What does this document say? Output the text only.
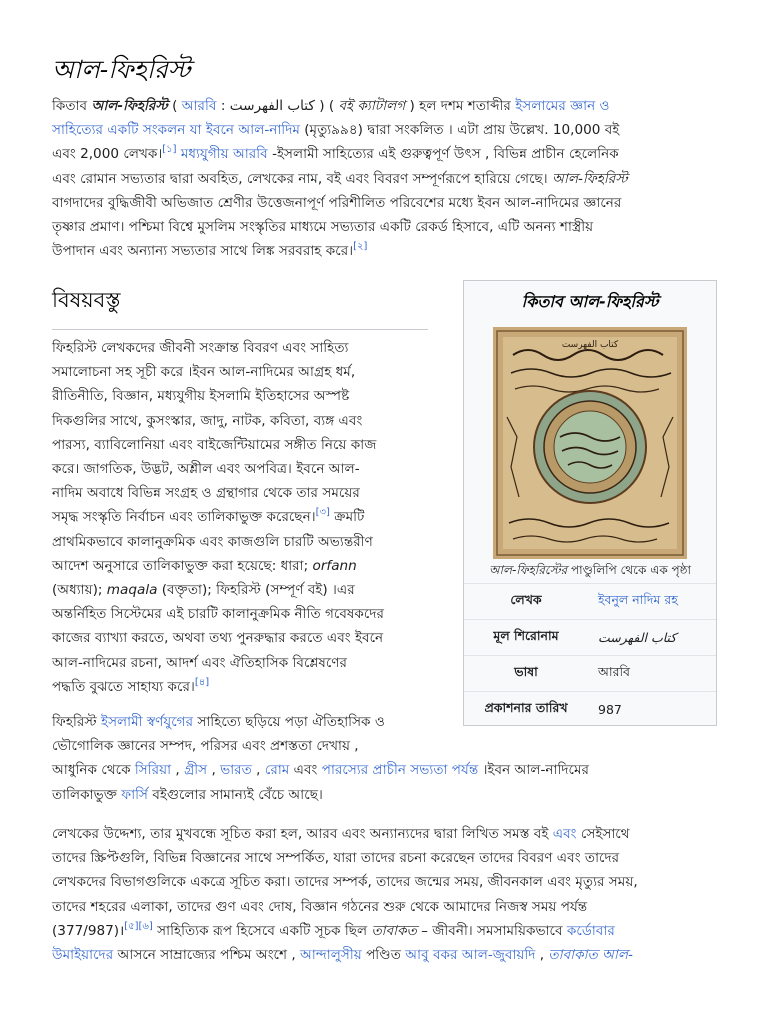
আল-ফিহরিস্ট
কিতাব আল-ফিহরিস্ট ( আরবি : كتاب الفهرست ) ( বই ক্যাটালগ ) হল দশম শতাব্দীর ইসলামের জ্ঞান ও
সাহিত্যের একটি সংকলন যা ইবনে আল-নাদিম (মৃত্যু৯৯৪) দ্বারা সংকলিত । এটা প্রায় উল্লেখ. 10,000 বই
এবং 2,000 লেখক।[১] মধ্যযুগীয় আরবি -ইসলামী সাহিত্যের এই গুরুত্বপূর্ণ উৎস , বিভিন্ন প্রাচীন হেলেনিক
এবং রোমান সভ্যতার দ্বারা অবহিত, লেখকের নাম, বই এবং বিবরণ সম্পূর্ণরূপে হারিয়ে গেছে। আল-ফিহরিস্ট
বাগদাদের বুদ্ধিজীবী অভিজাত শ্রেণীর উত্তেজনাপূর্ণ পরিশীলিত পরিবেশের মধ্যে ইবন আল-নাদিমের জ্ঞানের
তৃষ্ণার প্রমাণ। পশ্চিমা বিশ্বে মুসলিম সংস্কৃতির মাধ্যমে সভ্যতার একটি রেকর্ড হিসাবে, এটি অনন্য শাস্ত্রীয়
উপাদান এবং অন্যান্য সভ্যতার সাথে লিঙ্ক সরবরাহ করে।[২]
বিষয়বস্তু
ফিহরিস্ট লেখকদের জীবনী সংক্রান্ত বিবরণ এবং সাহিত্য
সমালোচনা সহ সূচী করে ।ইবন আল-নাদিমের আগ্রহ ধর্ম,
রীতিনীতি, বিজ্ঞান, মধ্যযুগীয় ইসলামি ইতিহাসের অস্পষ্ট
দিকগুলির সাথে, কুসংস্কার, জাদু, নাটক, কবিতা, ব্যঙ্গ এবং
পারস্য, ব্যাবিলোনিয়া এবং বাইজেন্টিয়ামের সঙ্গীত নিয়ে কাজ
করে। জাগতিক, উদ্ভট, অশ্লীল এবং অপবিত্র। ইবনে আল-
নাদিম অবাধে বিভিন্ন সংগ্রহ ও গ্রন্থাগার থেকে তার সময়ের
সমৃদ্ধ সংস্কৃতি নির্বাচন এবং তালিকাভুক্ত করেছেন।[৩] ক্রমটি
প্রাথমিকভাবে কালানুক্রমিক এবং কাজগুলি চারটি অভ্যন্তরীণ
আদেশ অনুসারে তালিকাভুক্ত করা হয়েছে: ধারা; orfann
(অধ্যায়); maqala (বক্তৃতা); ফিহরিস্ট (সম্পূর্ণ বই) ।এর
অন্তর্নিহিত সিস্টেমের এই চারটি কালানুক্রমিক নীতি গবেষকদের
কাজের ব্যাখ্যা করতে, অথবা তথ্য পুনরুদ্ধার করতে এবং ইবনে
আল-নাদিমের রচনা, আদর্শ এবং ঐতিহাসিক বিশ্লেষণের
পদ্ধতি বুঝতে সাহায্য করে।[৪]
ফিহরিস্ট ইসলামী স্বর্ণযুগের সাহিত্যে ছড়িয়ে পড়া ঐতিহাসিক ও
ভৌগোলিক জ্ঞানের সম্পদ, পরিসর এবং প্রশস্ততা দেখায় ,
আধুনিক থেকে সিরিয়া , গ্রীস , ভারত , রোম এবং পারস্যের প্রাচীন সভ্যতা পর্যন্ত ।ইবন আল-নাদিমের
তালিকাভুক্ত ফার্সি বইগুলোর সামান্যই বেঁচে আছে।
লেখকের উদ্দেশ্য, তার মুখবন্ধে সূচিত করা হল, আরব এবং অন্যান্যদের দ্বারা লিখিত সমস্ত বই এবং সেইসাথে
তাদের স্ক্রিপ্টগুলি, বিভিন্ন বিজ্ঞানের সাথে সম্পর্কিত, যারা তাদের রচনা করেছেন তাদের বিবরণ এবং তাদের
লেখকদের বিভাগগুলিকে একত্রে সূচিত করা। তাদের সম্পর্ক, তাদের জন্মের সময়, জীবনকাল এবং মৃত্যুর সময়,
তাদের শহরের এলাকা, তাদের গুণ এবং দোষ, বিজ্ঞান গঠনের শুরু থেকে আমাদের নিজস্ব সময় পর্যন্ত
(377/987)।[৫][৬] সাহিত্যিক রূপ হিসেবে একটি সূচক ছিল তাবাকত – জীবনী। সমসাময়িকভাবে কর্ডোবার
উমাইয়াদের আসনে সাম্রাজ্যের পশ্চিম অংশে , আন্দালুসীয় পণ্ডিত আবু বকর আল-জুবায়দি , তাবাকাত আল-
কিতাব আল-ফিহরিস্ট
كتاب الفهرست
আল-ফিহরিস্টের পাণ্ডুলিপি থেকে এক পৃষ্ঠা
লেখক	ইবনুল নাদিম রহ
মূল শিরোনাম	كتاب الفهرست
ভাষা	আরবি
প্রকাশনার তারিখ	987
